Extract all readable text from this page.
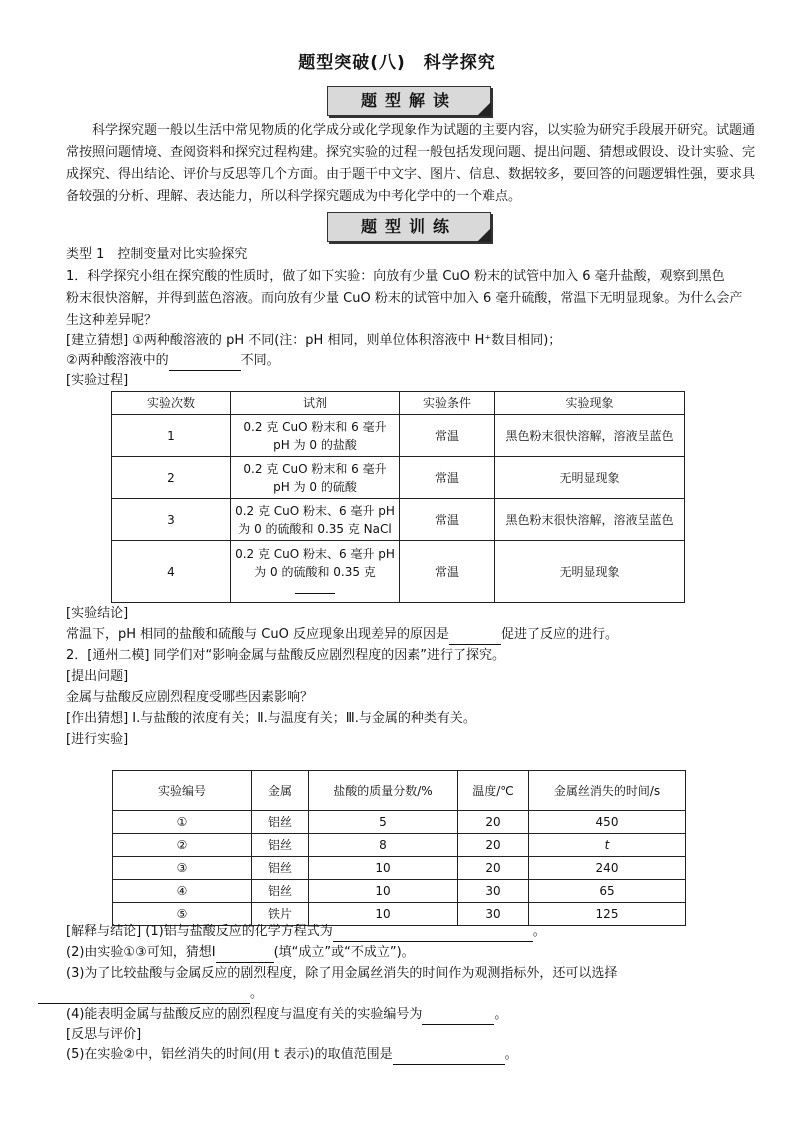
题型突破(八)　科学探究
题型解读
科学探究题一般以生活中常见物质的化学成分或化学现象作为试题的主要内容，以实验为研究手段展开研究。试题通常按照问题情境、查阅资料和探究过程构建。探究实验的过程一般包括发现问题、提出问题、猜想或假设、设计实验、完成探究、得出结论、评价与反思等几个方面。由于题干中文字、图片、信息、数据较多，要回答的问题逻辑性强，要求具备较强的分析、理解、表达能力，所以科学探究题成为中考化学中的一个难点。
题型训练
类型 1　控制变量对比实验探究
1．科学探究小组在探究酸的性质时，做了如下实验：向放有少量 CuO 粉末的试管中加入 6 毫升盐酸，观察到黑色
粉末很快溶解，并得到蓝色溶液。而向放有少量 CuO 粉末的试管中加入 6 毫升硫酸，常温下无明显现象。为什么会产
生这种差异呢？
[建立猜想] ①两种酸溶液的 pH 不同(注：pH 相同，则单位体积溶液中 H⁺数目相同)；
②两种酸溶液中的	不同。
[实验过程]
实验次数	试剂	实验条件	实验现象
1	0.2 克 CuO 粉末和 6 毫升 pH 为 0 的盐酸	常温	黑色粉末很快溶解，溶液呈蓝色
2	0.2 克 CuO 粉末和 6 毫升 pH 为 0 的硫酸	常温	无明显现象
3	0.2 克 CuO 粉末、6 毫升 pH 为 0 的硫酸和 0.35 克 NaCl	常温	黑色粉末很快溶解，溶液呈蓝色
4	0.2 克 CuO 粉末、6 毫升 pH 为 0 的硫酸和 0.35 克	常温	无明显现象
[实验结论]
常温下，pH 相同的盐酸和硫酸与 CuO 反应现象出现差异的原因是	促进了反应的进行。
2．[通州二模] 同学们对“影响金属与盐酸反应剧烈程度的因素”进行了探究。
[提出问题]
金属与盐酸反应剧烈程度受哪些因素影响？
[作出猜想] Ⅰ.与盐酸的浓度有关；Ⅱ.与温度有关；Ⅲ.与金属的种类有关。
[进行实验]
实验编号	金属	盐酸的质量分数/%	温度/℃	金属丝消失的时间/s
①	铝丝	5	20	450
②	铝丝	8	20	t
③	铝丝	10	20	240
④	铝丝	10	30	65
⑤	铁片	10	30	125
[解释与结论] (1)铝与盐酸反应的化学方程式为	。
(2)由实验①③可知，猜想Ⅰ	(填“成立”或“不成立”)。
(3)为了比较盐酸与金属反应的剧烈程度，除了用金属丝消失的时间作为观测指标外，还可以选择
。
(4)能表明金属与盐酸反应的剧烈程度与温度有关的实验编号为	。
[反思与评价]
(5)在实验②中，铝丝消失的时间(用 t 表示)的取值范围是	。
